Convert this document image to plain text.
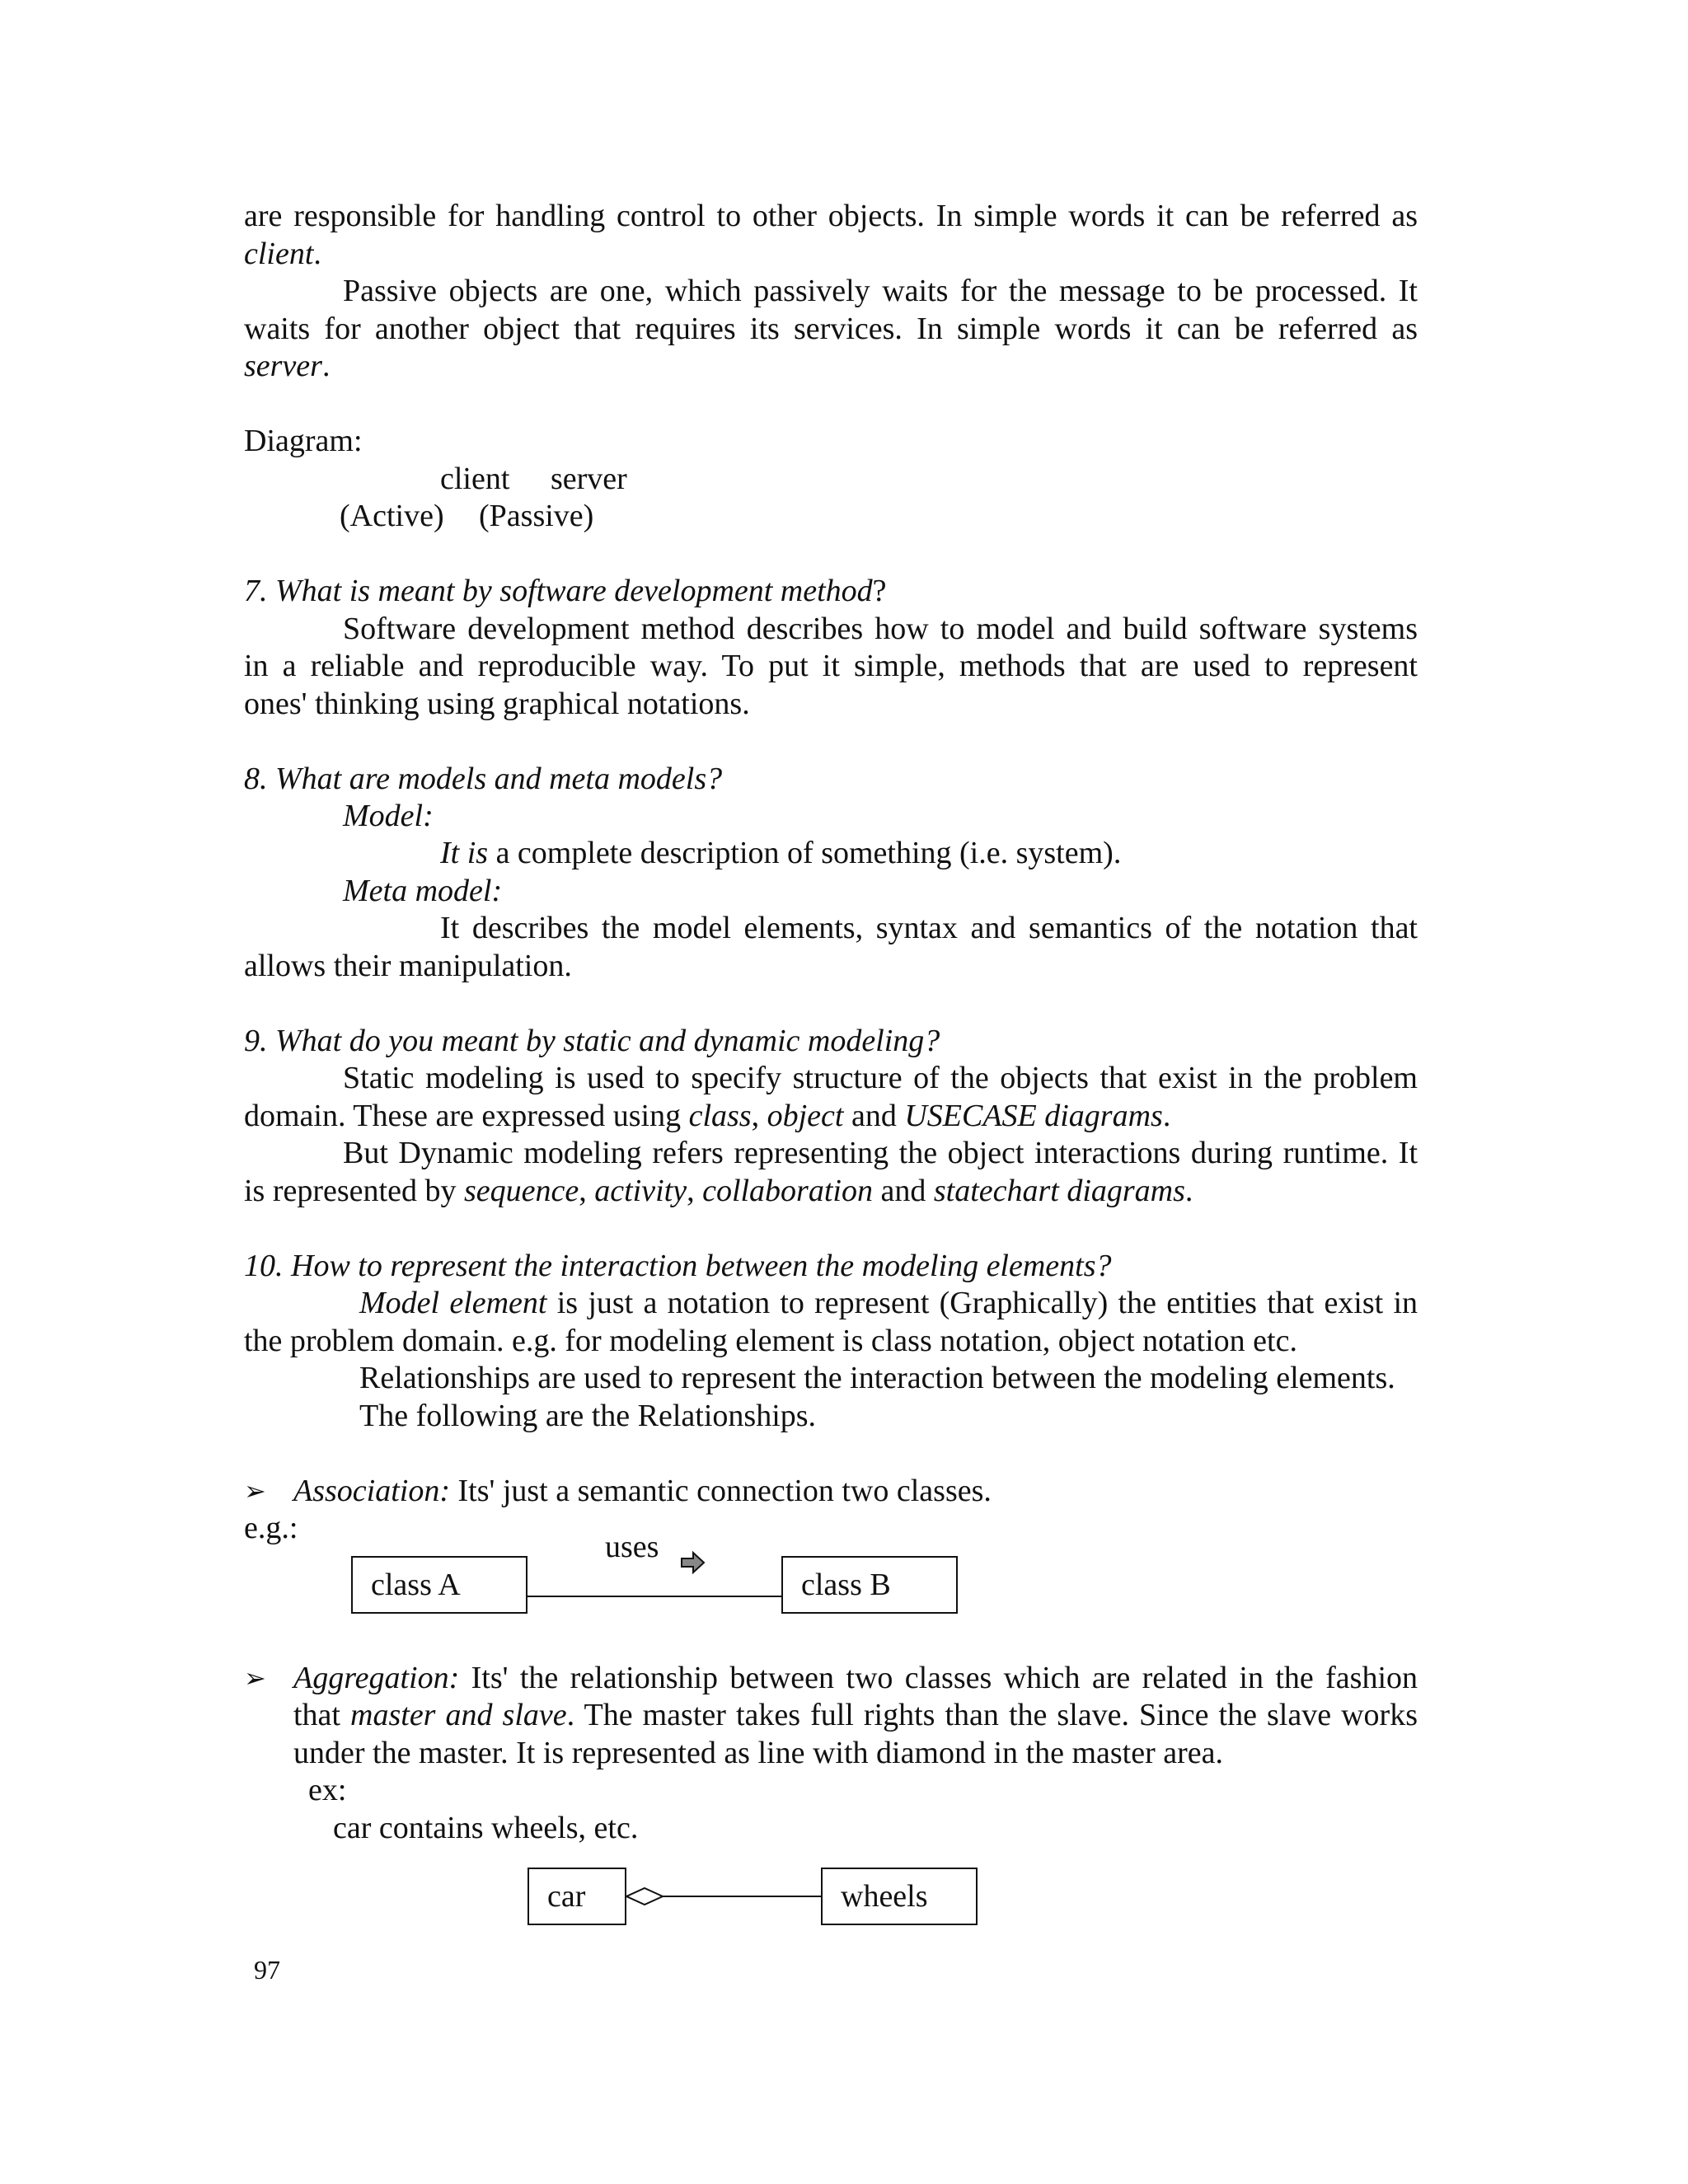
are responsible for handling control to other objects. In simple words it can be referred as
client.
Passive objects are one, which passively waits for the message to be processed. It
waits for another object that requires its services. In simple words it can be referred as
server.
Diagram:
client server
(Active) (Passive)
7. What is meant by software development method?
Software development method describes how to model and build software systems
in a reliable and reproducible way. To put it simple, methods that are used to represent
ones' thinking using graphical notations.
8. What are models and meta models?
Model:
It is a complete description of something (i.e. system).
Meta model:
It describes the model elements, syntax and semantics of the notation that
allows their manipulation.
9. What do you meant by static and dynamic modeling?
Static modeling is used to specify structure of the objects that exist in the problem
domain. These are expressed using class, object and USECASE diagrams.
But Dynamic modeling refers representing the object interactions during runtime. It
is represented by sequence, activity, collaboration and statechart diagrams.
10. How to represent the interaction between the modeling elements?
Model element is just a notation to represent (Graphically) the entities that exist in
the problem domain. e.g. for modeling element is class notation, object notation etc.
Relationships are used to represent the interaction between the modeling elements.
The following are the Relationships.
➢ Association: Its' just a semantic connection two classes.
e.g.:
uses
class A	class B
➢ Aggregation: Its' the relationship between two classes which are related in the fashion
that master and slave. The master takes full rights than the slave. Since the slave works
under the master. It is represented as line with diamond in the master area.
ex:
car contains wheels, etc.
car	wheels
97
